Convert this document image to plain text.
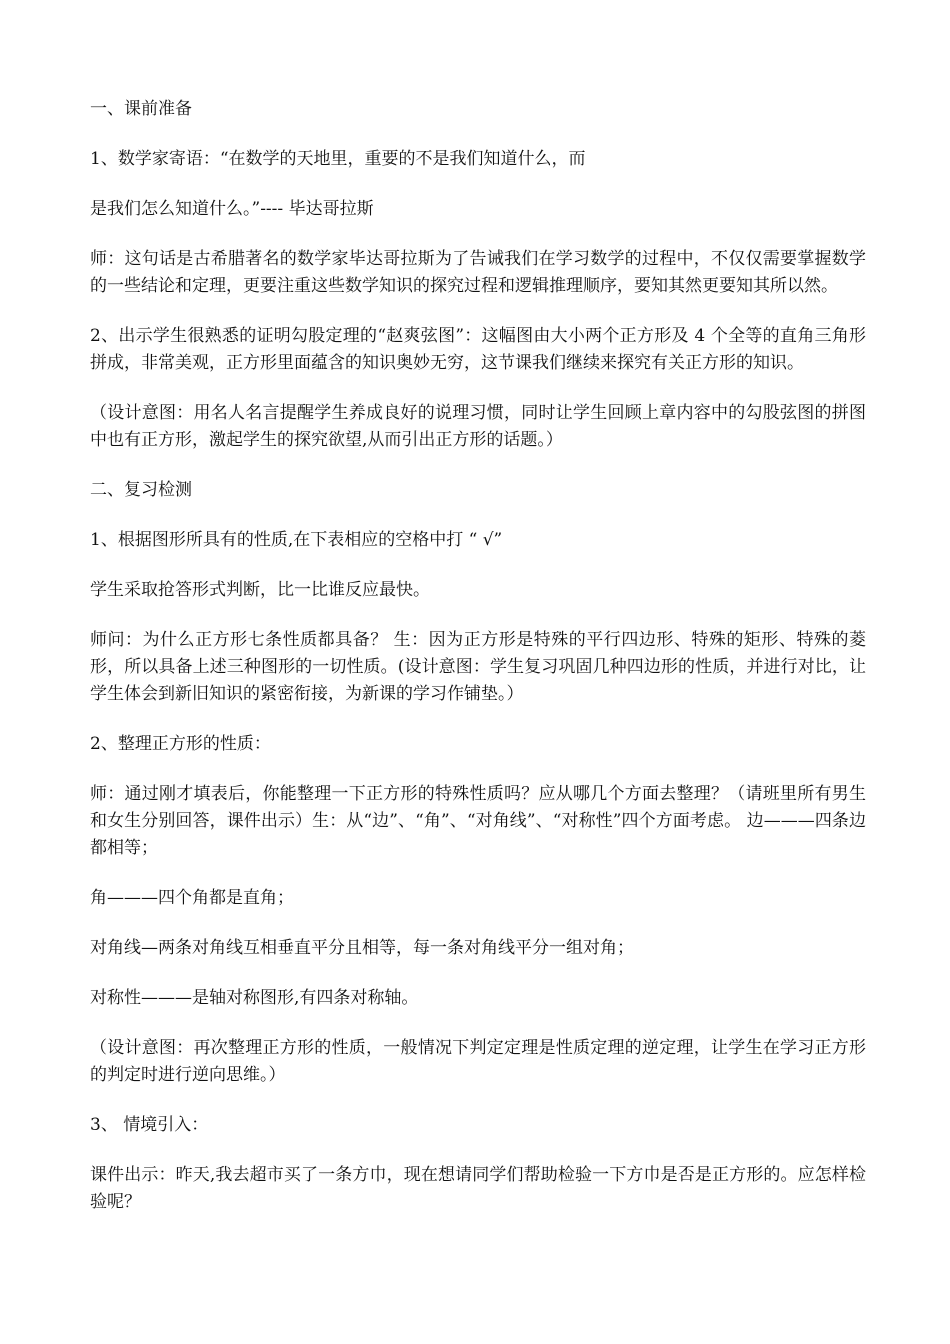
一、课前准备

1、数学家寄语：“在数学的天地里，重要的不是我们知道什么，而

是我们怎么知道什么。”---- 毕达哥拉斯

师：这句话是古希腊著名的数学家毕达哥拉斯为了告诫我们在学习数学的过程中，不仅仅需要掌握数学的一些结论和定理，更要注重这些数学知识的探究过程和逻辑推理顺序，要知其然更要知其所以然。

2、出示学生很熟悉的证明勾股定理的“赵爽弦图”：这幅图由大小两个正方形及 4 个全等的直角三角形拼成，非常美观，正方形里面蕴含的知识奥妙无穷，这节课我们继续来探究有关正方形的知识。

（设计意图：用名人名言提醒学生养成良好的说理习惯，同时让学生回顾上章内容中的勾股弦图的拼图中也有正方形，激起学生的探究欲望,从而引出正方形的话题。）

二、复习检测

1、根据图形所具有的性质,在下表相应的空格中打 “ √”

学生采取抢答形式判断，比一比谁反应最快。

师问：为什么正方形七条性质都具备？ 生：因为正方形是特殊的平行四边形、特殊的矩形、特殊的菱形，所以具备上述三种图形的一切性质。(设计意图：学生复习巩固几种四边形的性质，并进行对比，让学生体会到新旧知识的紧密衔接，为新课的学习作铺垫。）

2、整理正方形的性质：

师：通过刚才填表后，你能整理一下正方形的特殊性质吗？应从哪几个方面去整理？（请班里所有男生和女生分别回答，课件出示）生：从“边”、“角”、“对角线”、“对称性”四个方面考虑。 边———四条边都相等；

角———四个角都是直角；

对角线—两条对角线互相垂直平分且相等，每一条对角线平分一组对角；

对称性———是轴对称图形,有四条对称轴。

（设计意图：再次整理正方形的性质，一般情况下判定定理是性质定理的逆定理，让学生在学习正方形的判定时进行逆向思维。）

3、 情境引入：

课件出示：昨天,我去超市买了一条方巾，现在想请同学们帮助检验一下方巾是否是正方形的。应怎样检验呢？
